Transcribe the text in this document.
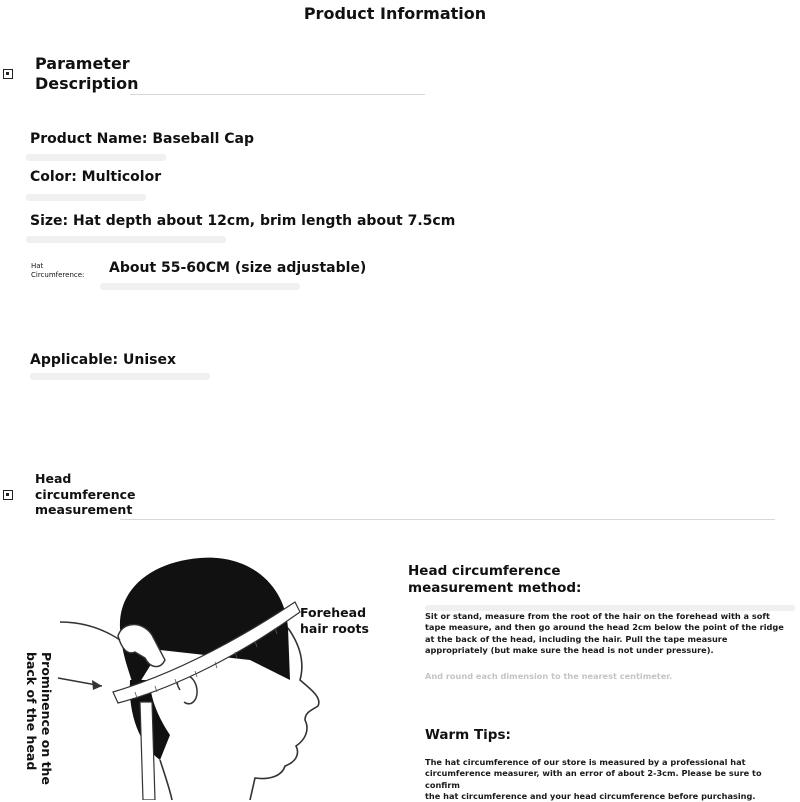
Product Information
Parameter
Description
Product Name: Baseball Cap
Color: Multicolor
Size: Hat depth about 12cm, brim length about 7.5cm
Hat
Circumference: About 55-60CM (size adjustable)
Applicable: Unisex
Head
circumference
measurement
Forehead
hair roots
Prominence on the
back of the head
Head circumference
measurement method:
Sit or stand, measure from the root of the hair on the forehead with a soft
tape measure, and then go around the head 2cm below the point of the ridge
at the back of the head, including the hair. Pull the tape measure
appropriately (but make sure the head is not under pressure).
And round each dimension to the nearest centimeter.
Warm Tips:
The hat circumference of our store is measured by a professional hat
circumference measurer, with an error of about 2-3cm. Please be sure to confirm
the hat circumference and your head circumference before purchasing.
